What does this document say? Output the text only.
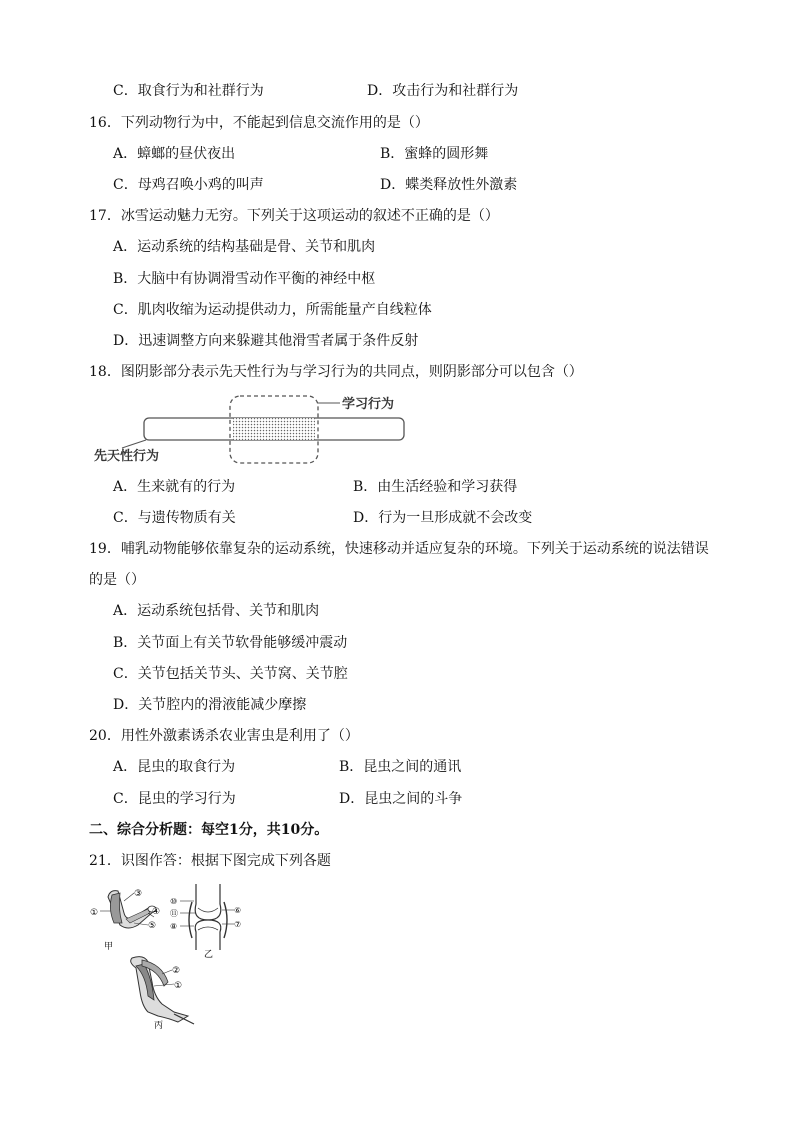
C．取食行为和社群行为	D．攻击行为和社群行为
16．下列动物行为中，不能起到信息交流作用的是（）
A．蟑螂的昼伏夜出	B．蜜蜂的圆形舞
C．母鸡召唤小鸡的叫声	D．蝶类释放性外激素
17．冰雪运动魅力无穷。下列关于这项运动的叙述不正确的是（）
A．运动系统的结构基础是骨、关节和肌肉
B．大脑中有协调滑雪动作平衡的神经中枢
C．肌肉收缩为运动提供动力，所需能量产自线粒体
D．迅速调整方向来躲避其他滑雪者属于条件反射
18．图阴影部分表示先天性行为与学习行为的共同点，则阴影部分可以包含（）
学习行为
先天性行为
A．生来就有的行为	B．由生活经验和学习获得
C．与遗传物质有关	D．行为一旦形成就不会改变
19．哺乳动物能够依靠复杂的运动系统，快速移动并适应复杂的环境。下列关于运动系统的说法错误
的是（）
A．运动系统包括骨、关节和肌肉
B．关节面上有关节软骨能够缓冲震动
C．关节包括关节头、关节窝、关节腔
D．关节腔内的滑液能减少摩擦
20．用性外激素诱杀农业害虫是利用了（）
A．昆虫的取食行为	B．昆虫之间的通讯
C．昆虫的学习行为	D．昆虫之间的斗争
二、综合分析题：每空1分，共10分。
21．识图作答：根据下图完成下列各题
①
③
④
⑤
甲
⑩
⑪
⑧
⑥
⑦
乙
②
①
丙
